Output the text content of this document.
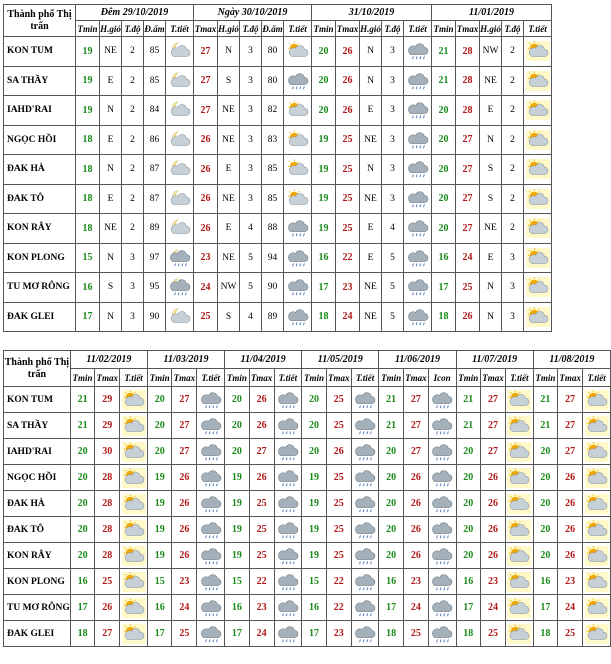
Thành phố Thị trấn	Đêm 29/10/2019					Ngày 30/10/2019					31/10/2019					11/01/2019				
	Tmin	H.gió	T.độ	Đ.ẩm	T.tiết	Tmax	H.gió	T.độ	Đ.ẩm	T.tiết	Tmin	Tmax	H.gió	T.độ	T.tiết	Tmin	Tmax	H.gió	T.độ	T.tiết
KON TUM	19	NE	2	85		27	N	3	80		20	26	N	3		21	28	NW	2	

SA THẦY	19	E	2	85		27	S	3	80		20	26	N	3		21	28	NE	2	

IAHD'RAI	19	N	2	84		27	NE	3	82		20	26	E	3		20	28	E	2	

NGỌC HỒI	18	E	2	86		26	NE	3	83		19	25	NE	3		20	27	N	2	

ĐAK HÀ	18	N	2	87		26	E	3	85		19	25	N	3		20	27	S	2	

ĐAK TÔ	18	E	2	87		26	NE	3	85		19	25	NE	3		20	27	S	2	

KON RẪY	18	NE	2	89		26	E	4	88		19	25	E	4		20	27	NE	2	

KON PLONG	15	N	3	97		23	NE	5	94		16	22	E	5		16	24	E	3	

TU MƠ RÔNG	16	S	3	95		24	NW	5	90		17	23	NE	5		17	25	N	3	

ĐAK GLEI	17	N	3	90		25	S	4	89		18	24	NE	5		18	26	N	3	
Thành phố Thị trấn	11/02/2019			11/03/2019			11/04/2019			11/05/2019			11/06/2019			11/07/2019			11/08/2019		
	Tmin	Tmax	T.tiết	Tmin	Tmax	T.tiết	Tmin	Tmax	T.tiết	Tmin	Tmax	T.tiết	Tmin	Tmax	Icon	Tmin	Tmax	T.tiết	Tmin	Tmax	T.tiết
KON TUM	21	29		20	27		20	26		20	25		21	27		21	27		21	27	

SA THẦY	21	29		20	27		20	26		20	25		21	27		21	27		21	27	

IAHD'RAI	20	30		20	27		20	27		20	26		20	27		20	27		20	27	

NGỌC HỒI	20	28		19	26		19	26		19	25		20	26		20	26		20	26	

ĐAK HÀ	20	28		19	26		19	25		19	25		20	26		20	26		20	26	

ĐAK TÔ	20	28		19	26		19	25		19	25		20	26		20	26		20	26	

KON RẪY	20	28		19	26		19	25		19	25		20	26		20	26		20	26	

KON PLONG	16	25		15	23		15	22		15	22		16	23		16	23		16	23	

TU MƠ RÔNG	17	26		16	24		16	23		16	22		17	24		17	24		17	24	

ĐAK GLEI	18	27		17	25		17	24		17	23		18	25		18	25		18	25	
